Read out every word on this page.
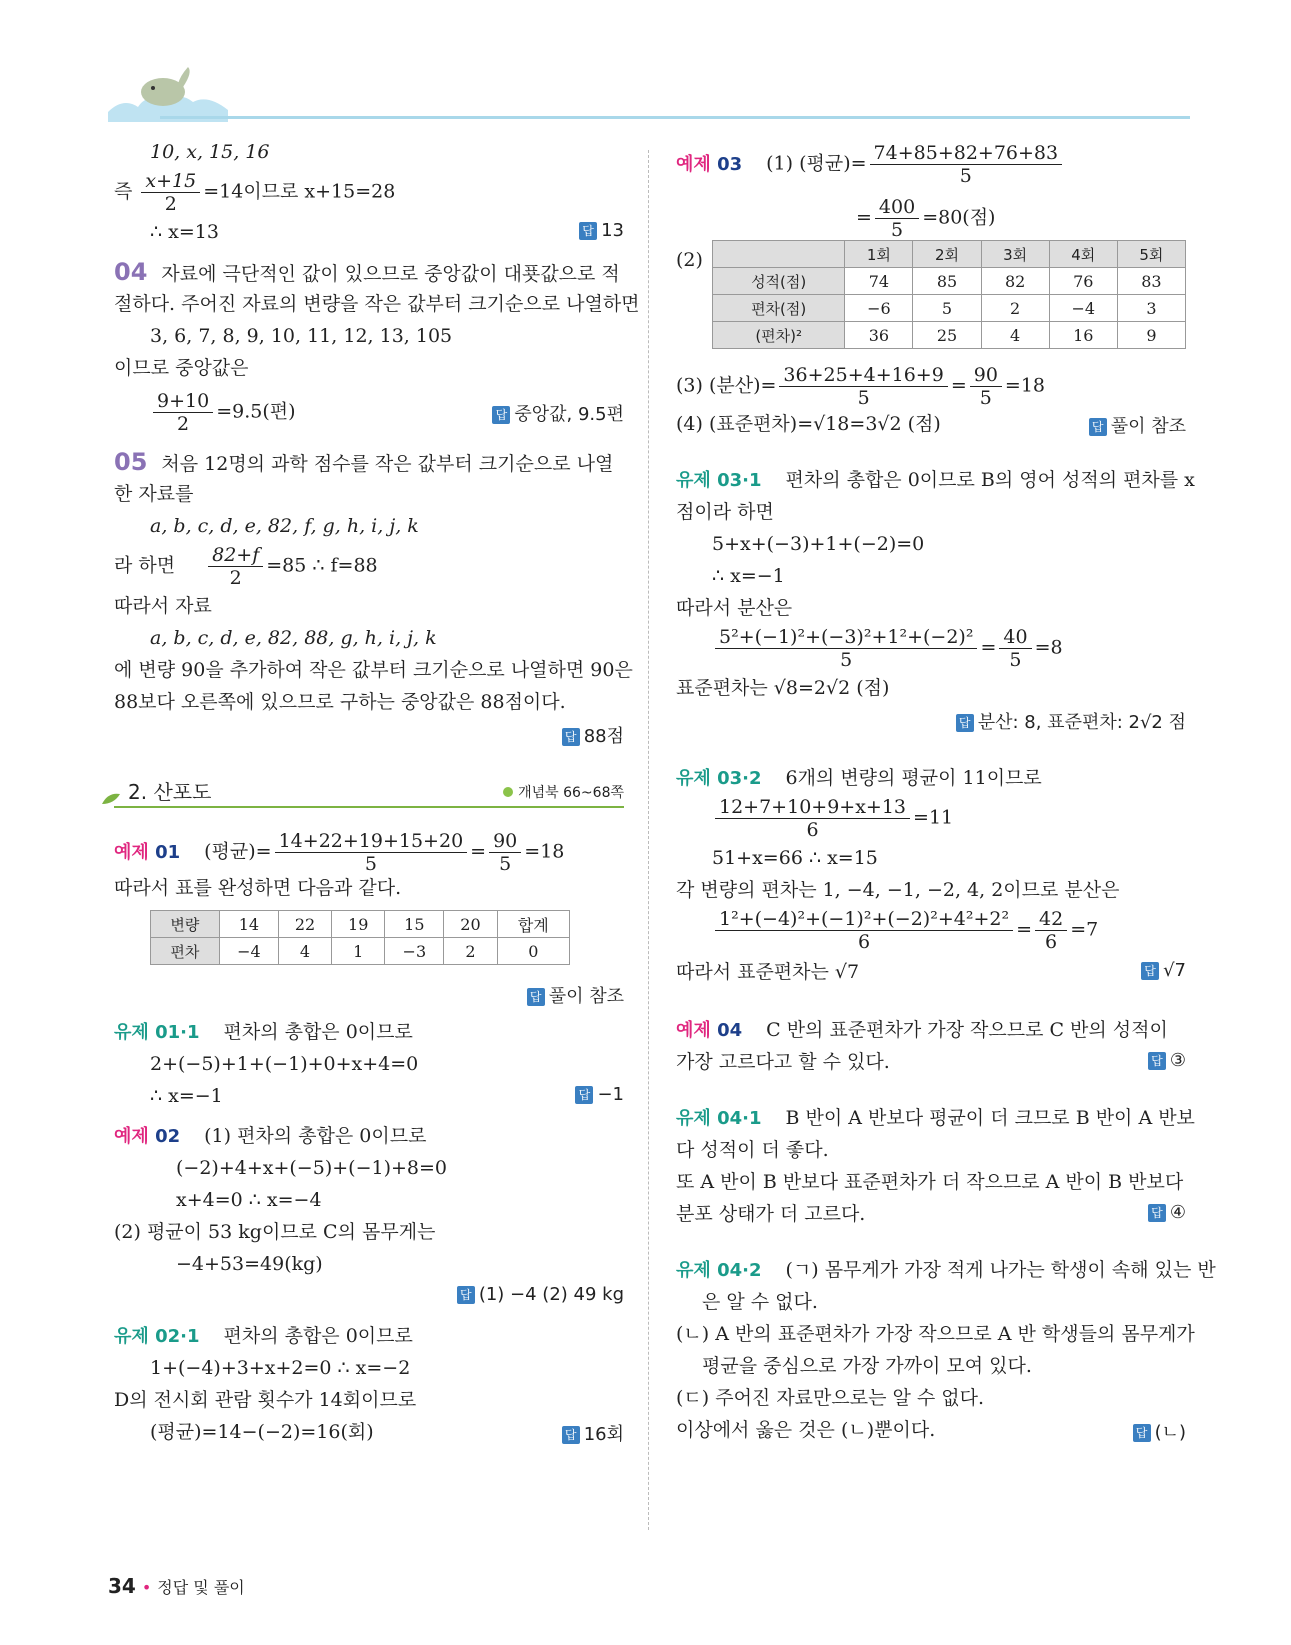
10, x, 15, 16
즉 $\frac{x+15}{2} =14$이므로 x+15=28
∴ x=13	답 13
04 자료에 극단적인 값이 있으므로 중앙값이 대푯값으로 적
절하다. 주어진 자료의 변량을 작은 값부터 크기순으로 나열하면
3, 6, 7, 8, 9, 10, 11, 12, 13, 105
이므로 중앙값은
$\frac{9+10}{2} =9.5$(편)	답 중앙값, 9.5편
05 처음 12명의 과학 점수를 작은 값부터 크기순으로 나열
한 자료를
a, b, c, d, e, 82, f, g, h, i, j, k
라 하면 $\frac{82+f}{2} =85$ ∴ f=88
따라서 자료
a, b, c, d, e, 82, 88, g, h, i, j, k
에 변량 90을 추가하여 작은 값부터 크기순으로 나열하면 90은
88보다 오른쪽에 있으므로 구하는 중앙값은 88점이다.
답 88점
2. 산포도	개념북 66~68쪽
예제 01 (평균)= $\frac{14+22+19+15+20}{5} = \frac{90}{5} =18$
따라서 표를 완성하면 다음과 같다.
변량	14	22	19	15	20	합계
편차	−4	4	1	−3	2	0
답 풀이 참조
유제 01·1 편차의 총합은 0이므로
2+(−5)+1+(−1)+0+x+4=0
∴ x=−1	답 −1
예제 02 (1) 편차의 총합은 0이므로
(−2)+4+x+(−5)+(−1)+8=0
x+4=0 ∴ x=−4
(2) 평균이 53 kg이므로 C의 몸무게는
−4+53=49(kg)
답 (1) −4 (2) 49 kg
유제 02·1 편차의 총합은 0이므로
1+(−4)+3+x+2=0 ∴ x=−2
D의 전시회 관람 횟수가 14회이므로
(평균)=14−(−2)=16(회)	답 16회
예제 03 (1) (평균)= $\frac{74+85+82+76+83}{5}$
= $\frac{400}{5} =80$(점)
(2)
		1회	2회	3회	4회	5회
성적(점)	74	85	82	76	83
편차(점)	−6	5	2	−4	3
(편차)²	36	25	4	16	9
(3) (분산)= $\frac{36+25+4+16+9}{5} = \frac{90}{5} =18$
(4) (표준편차)=√18=3√2 (점)	답 풀이 참조
유제 03·1 편차의 총합은 0이므로 B의 영어 성적의 편차를 x
점이라 하면
5+x+(−3)+1+(−2)=0
∴ x=−1
따라서 분산은
$\frac{\text{5²+(−1)²+(−3)²+1²+(−2)²}}{5} = \frac{40}{5} =8$
표준편차는 √8=2√2 (점)
답 분산: 8, 표준편차: 2√2 점
유제 03·2 6개의 변량의 평균이 11이므로
$\frac{12+7+10+9+x+13}{6} =11$
51+x=66 ∴ x=15
각 변량의 편차는 1, −4, −1, −2, 4, 2이므로 분산은
$\frac{\text{1²+(−4)²+(−1)²+(−2)²+4²+2²}}{6} = \frac{42}{6} =7$
따라서 표준편차는 √7	답 √7
예제 04 C 반의 표준편차가 가장 작으므로 C 반의 성적이
가장 고르다고 할 수 있다.	답 ③
유제 04·1 B 반이 A 반보다 평균이 더 크므로 B 반이 A 반보
다 성적이 더 좋다.
또 A 반이 B 반보다 표준편차가 더 작으므로 A 반이 B 반보다
분포 상태가 더 고르다.	답 ④
유제 04·2 (ㄱ) 몸무게가 가장 적게 나가는 학생이 속해 있는 반
은 알 수 없다.
(ㄴ) A 반의 표준편차가 가장 작으므로 A 반 학생들의 몸무게가
평균을 중심으로 가장 가까이 모여 있다.
(ㄷ) 주어진 자료만으로는 알 수 없다.
이상에서 옳은 것은 (ㄴ)뿐이다.	답 (ㄴ)
34 • 정답 및 풀이
